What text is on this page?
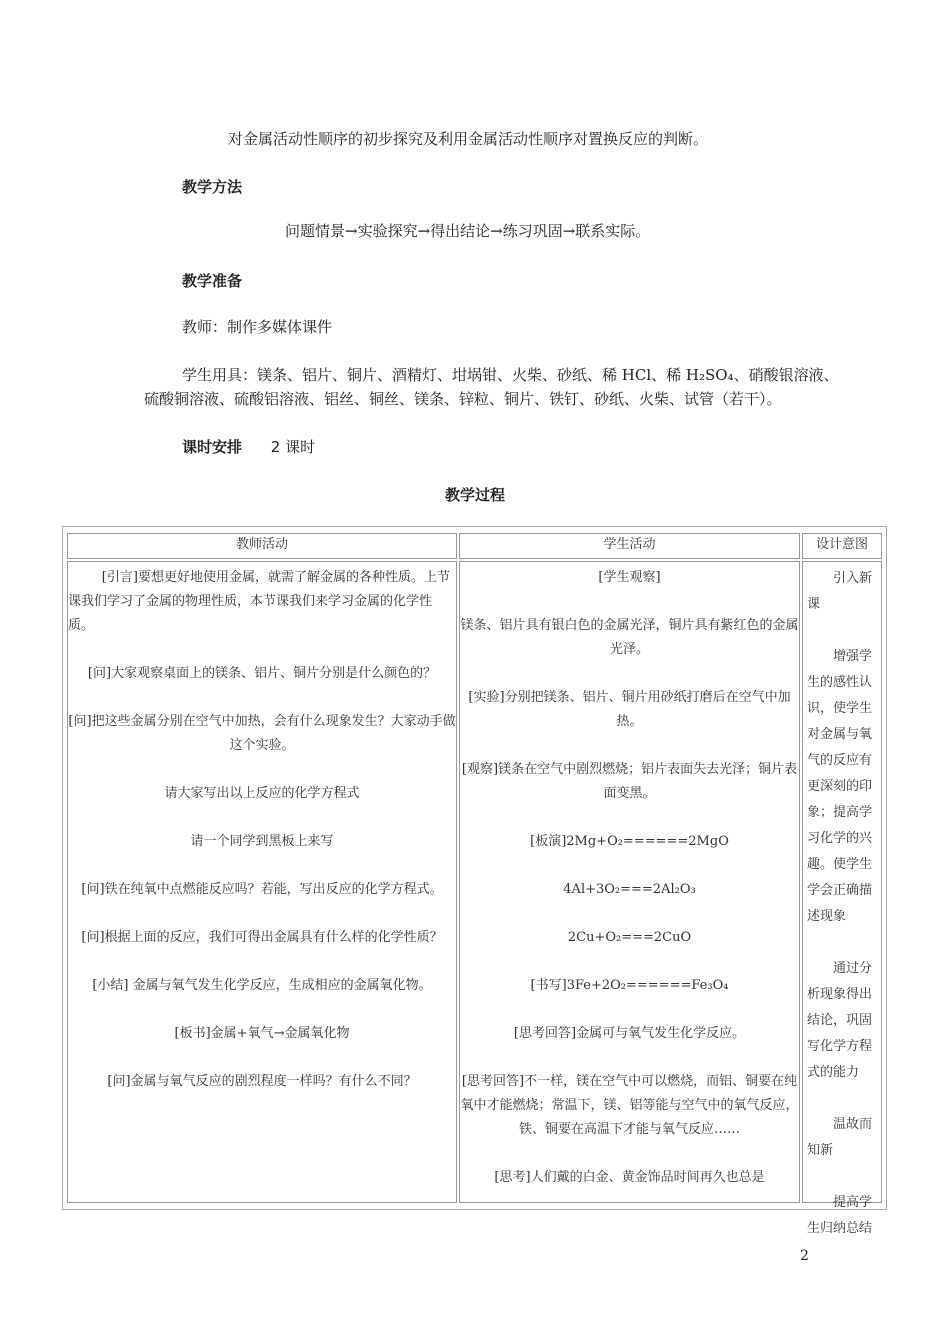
对金属活动性顺序的初步探究及利用金属活动性顺序对置换反应的判断。
教学方法
问题情景→实验探究→得出结论→练习巩固→联系实际。
教学准备
教师：制作多媒体课件
学生用具：镁条、铝片、铜片、酒精灯、坩埚钳、火柴、砂纸、稀 HCl、稀 H₂SO₄、硝酸银溶液、
硫酸铜溶液、硫酸铝溶液、铝丝、铜丝、镁条、锌粒、铜片、铁钉、砂纸、火柴、试管（若干）。
课时安排 2 课时
教学过程
教师活动	学生活动	设计意图

[引言]要想更好地使用金属，就需了解金属的各种性质。上节课我们学习了金属的物理性质，本节课我们来学习金属的化学性质。

[问]大家观察桌面上的镁条、铝片、铜片分别是什么颜色的？

[问]把这些金属分别在空气中加热，会有什么现象发生？大家动手做这个实验。

请大家写出以上反应的化学方程式

请一个同学到黑板上来写

[问]铁在纯氧中点燃能反应吗？若能，写出反应的化学方程式。

[问]根据上面的反应，我们可得出金属具有什么样的化学性质？

[小结] 金属与氧气发生化学反应，生成相应的金属氧化物。

[板书]金属+氧气→金属氧化物

[问]金属与氧气反应的剧烈程度一样吗？有什么不同？

[学生观察]

镁条、铝片具有银白色的金属光泽，铜片具有紫红色的金属光泽。

[实验]分别把镁条、铝片、铜片用砂纸打磨后在空气中加热。

[观察]镁条在空气中剧烈燃烧；铝片表面失去光泽；铜片表面变黑。

[板演]2Mg+O₂======2MgO

4Al+3O₂===2Al₂O₃

2Cu+O₂===2CuO

[书写]3Fe+2O₂======Fe₃O₄

[思考回答]金属可与氧气发生化学反应。

[思考回答]不一样，镁在空气中可以燃烧，而铝、铜要在纯氧中才能燃烧；常温下，镁、铝等能与空气中的氧气反应，铁、铜要在高温下才能与氧气反应……

[思考]人们戴的白金、黄金饰品时间再久也总是

引入新课

增强学生的感性认识，使学生对金属与氧气的反应有更深刻的印象；提高学习化学的兴趣。使学生学会正确描述现象

通过分析现象得出结论，巩固写化学方程式的能力

温故而知新

提高学生归纳总结

2
